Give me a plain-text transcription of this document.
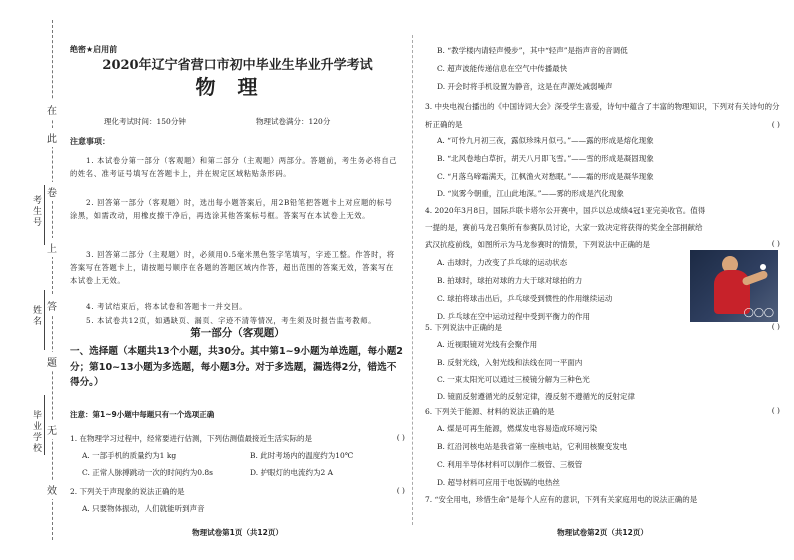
考生号
姓名
毕业学校
在
此
卷
上
答
题
无
效
绝密★启用前
2020年辽宁省营口市初中毕业生毕业升学考试
物理
理化考试时间：150分钟	物理试卷满分：120分
注意事项：
1. 本试卷分第一部分（客观题）和第二部分（主观题）两部分。答题前，考生务必将自己的姓名、准考证号填写在答题卡上，并在规定区域粘贴条形码。
2. 回答第一部分（客观题）时，选出每小题答案后，用2B铅笔把答题卡上对应题的标号涂黑，如需改动，用橡皮擦干净后，再选涂其他答案标号框。答案写在本试卷上无效。
3. 回答第二部分（主观题）时，必须用0.5毫米黑色签字笔填写，字迹工整。作答时，将答案写在答题卡上，请按题号顺序在各题的答题区域内作答，超出范围的答案无效，答案写在本试卷上无效。
4. 考试结束后，将本试卷和答题卡一并交回。
5. 本试卷共12页，如遇缺页、漏页、字迹不清等情况，考生须及时报告监考教师。
第一部分（客观题）
一、选择题（本题共13个小题，共30分。其中第1~9小题为单选题，每小题2分；第10~13小题为多选题，每小题3分。对于多选题，漏选得2分，错选不得分。）
注意：第1~9小题中每题只有一个选项正确
1. 在物理学习过程中，经常要进行估测，下列估测值最接近生活实际的是	( )
A. 一部手机的质量约为1 kg	B. 此时考场内的温度约为10℃
C. 正常人脉搏跳动一次的时间约为0.8s	D. 护眼灯的电流约为2 A
2. 下列关于声现象的说法正确的是	( )
A. 只要物体振动，人们就能听到声音
物理试卷第1页（共12页）
B. “教学楼内请轻声慢步”，其中“轻声”是指声音的音调低
C. 超声波能传递信息在空气中传播最快
D. 开会时将手机设置为静音，这是在声源处减弱噪声
3. 中央电视台播出的《中国诗词大会》深受学生喜爱，诗句中蕴含了丰富的物理知识，下列对有关诗句的分析正确的是	( )
A. “可怜九月初三夜，露似珍珠月似弓。”——露的形成是熔化现象
B. “北风卷地白草折，胡天八月即飞雪。”——雪的形成是凝固现象
C. “月落乌啼霜满天，江枫渔火对愁眠。”——霜的形成是凝华现象
D. “岚雾今朝重，江山此地深。”——雾的形成是汽化现象
4. 2020年3月8日，国际乒联卡塔尔公开赛中，国乒以总成绩4冠1亚完美收官。值得
一提的是，赛前马龙召集所有参赛队员讨论，大家一致决定将获得的奖金全部捐献给
武汉抗疫前线，如图所示为马龙参赛时的情景，下列说法中正确的是	( )
A. 击球时，力改变了乒乓球的运动状态
B. 拍球时，球拍对球的力大于球对球拍的力
C. 球拍将球击出后，乒乓球受到惯性的作用继续运动
D. 乒乓球在空中运动过程中受到平衡力的作用	◯◯◯
5. 下列说法中正确的是	( )
A. 近视眼镜对光线有会聚作用
B. 反射光线，入射光线和法线在同一平面内
C. 一束太阳光可以通过三棱镜分解为三种色光
D. 镜面反射遵循光的反射定律，漫反射不遵循光的反射定律
6. 下列关于能源、材料的说法正确的是	( )
A. 煤是可再生能源，燃煤发电容易造成环境污染
B. 红沿河核电站是我省第一座核电站，它利用核聚变发电
C. 利用半导体材料可以制作二极管、三极管
D. 超导材料可应用于电饭锅的电热丝
7. “安全用电，珍惜生命”是每个人应有的意识，下列有关家庭用电的说法正确的是
物理试卷第2页（共12页）
